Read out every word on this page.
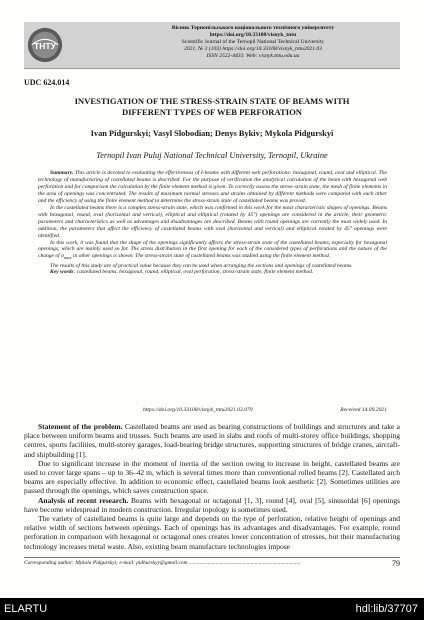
ТНТУ
Вісник Тернопільського національного технічного університету
https://doi.org/10.33108/visnyk_tntu
Scientific Journal of the Ternopil National Technical University
2021, № 3 (103) https://doi.org/10.33108/visnyk_tntu2021.03
ISSN 2522-4433. Web: visnyk.tntu.edu.ua
UDC 624.014
INVESTIGATION OF THE STRESS-STRAIN STATE OF BEAMS WITH
DIFFERENT TYPES OF WEB PERFORATION
Ivan Pidgurskyi; Vasyl Slobodian; Denys Bykiv; Mykola Pidgurskyi
Ternopil Ivan Puluj National Technical University, Ternopil, Ukraine

Summary. This article is devoted to evaluating the effectiveness of I-beams with different web perforations: hexagonal, round, oval and elliptical. The technology of manufacturing of castellated beams is described. For the purpose of verification the analytical calculation of the beam with hexagonal web perforation and for comparison the calculation by the finite element method is given. To correctly assess the stress–strain state, the mesh of finite elements in the area of openings was concentrated. The results of maximum normal stresses and strains obtained by different methods were compared with each other and the efficiency of using the finite element method to determine the stress-strain state of castellated beams was proved.

In the castellated beams there is a complex stress-strain state, which was confirmed in this work for the most characteristic shapes of openings. Beams with hexagonal, round, oval (horizontal and vertical), elliptical and elliptical (rotated by 45°) openings are considered in the article, their geometric parameters and characteristics as well as advantages and disadvantages are described. Beams with round openings are currently the most widely used. In addition, the parameters that affect the efficiency of castellated beams with oval (horizontal and vertical) and elliptical rotated by 45° openings were identified.

In this work, it was found that the shape of the openings significantly affects the stress-strain state of the castellated beams, especially for hexagonal openings, which are mainly used so far. The stress distribution in the first opening for each of the considered types of perforations and the nature of the change of $\sigma_{max}$ in other openings is shown. The stress-strain state of castellated beams was studied using the finite element method.

The results of this study are of practical value because they can be used when arranging the sections and openings of castellated beams.

Key words: castellated beams, hexagonal, round, elliptical, oval perforation, stress-strain state, finite element method.

https://doi.org/10.33108/visnyk_tntu2021.03.079	Received 14.09.2021

Statement of the problem. Castellated beams are used as bearing constructions of buildings and structures and take a place between uniform beams and trusses. Such beams are used in slabs and roofs of multi-storey office buildings, shopping centres, sports facilities, multi-storey garages, load-bearing bridge structures, supporting structures of bridge cranes, aircraft- and shipbuilding [1].

Due to significant increase in the moment of inertia of the section owing to increase in height, castellated beams are used to cover large spans – up to 36–42 m, which is several times more than conventional rolled beams [2]. Castellated arch beams are especially effective. In addition to economic effect, castellated beams look aesthetic [2]. Sometimes utilities are passed through the openings, which saves construction space.

Analysis of recent research. Beams with hexagonal or octagonal [1, 3], round [4], oval [5], sinusoidal [6] openings have become widespread in modern construction. Irregular topology is sometimes used.

The variety of castellated beams is quite large and depends on the type of perforation, relative height of openings and relative width of sections between openings. Each of openings has its advantages and disadvantages. For example, round perforation in comparison with hexagonal or octagonal ones creates lower concentration of stresses, but their manufacturing technology increases metal waste. Also, existing beam manufacture technologies impose

Corresponding author: Mykola Pidgurskyi; e-mail: pidhurskyy@gmail.com ...................................................................................	79
ELARTU	hdl:lib/37707
